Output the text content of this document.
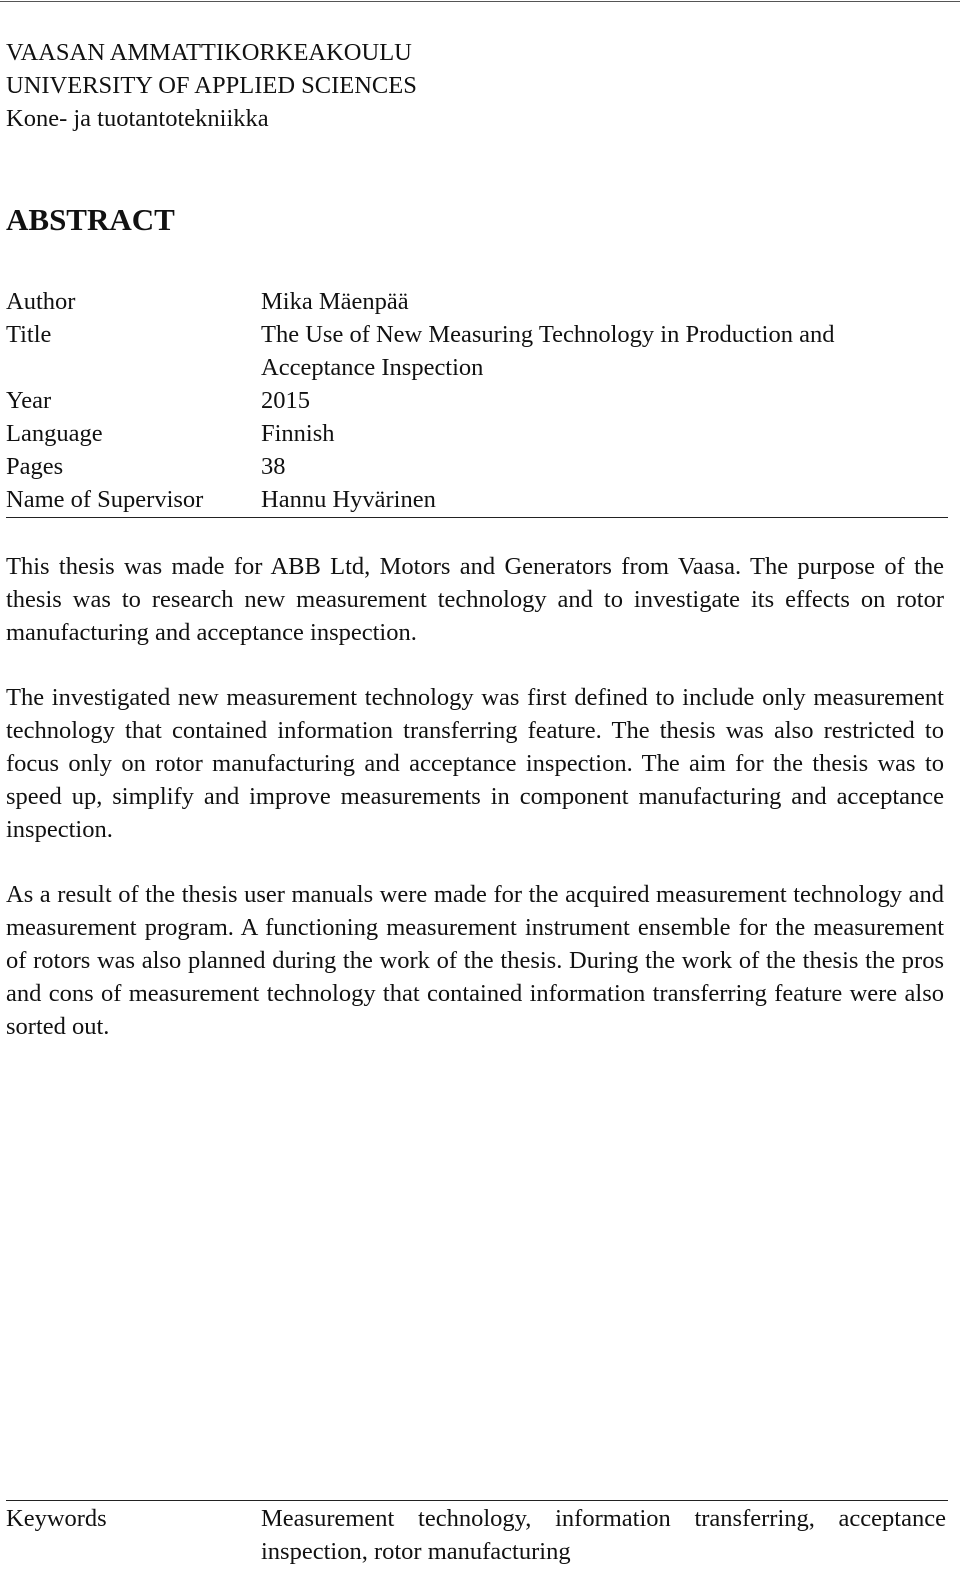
VAASAN AMMATTIKORKEAKOULU
UNIVERSITY OF APPLIED SCIENCES
Kone- ja tuotantotekniikka
ABSTRACT
Author	Mika Mäenpää
Title	The Use of New Measuring Technology in Production and Acceptance Inspection
Year	2015
Language	Finnish
Pages	38
Name of Supervisor	Hannu Hyvärinen

This thesis was made for ABB Ltd, Motors and Generators from Vaasa. The purpose of the thesis was to research new measurement technology and to investigate its effects on rotor manufacturing and acceptance inspection.

The investigated new measurement technology was first defined to include only measurement technology that contained information transferring feature. The thesis was also restricted to focus only on rotor manufacturing and acceptance inspection. The aim for the thesis was to speed up, simplify and improve measurements in component manufacturing and acceptance inspection.

As a result of the thesis user manuals were made for the acquired measurement technology and measurement program. A functioning measurement instrument ensemble for the measurement of rotors was also planned during the work of the thesis. During the work of the thesis the pros and cons of measurement technology that contained information transferring feature were also sorted out.

Keywords	Measurement technology, information transferring, acceptance inspection, rotor manufacturing
